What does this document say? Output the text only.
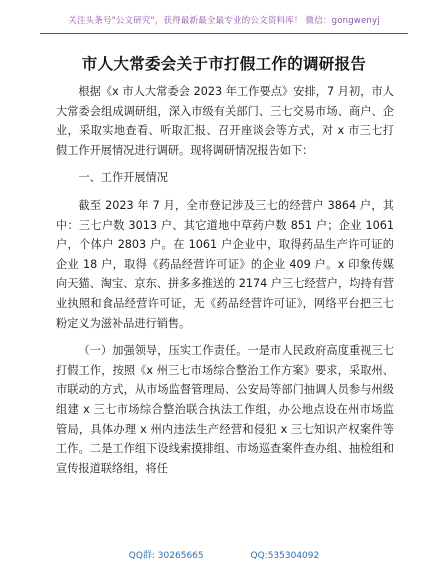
关注头条号"公文研究"，获得最新最全最专业的公文资料库！ 微信：gongwenyj
市人大常委会关于市打假工作的调研报告

根据《x 市人大常委会 2023 年工作要点》安排，7 月初，市人大常委会组成调研组，深入市级有关部门、三七交易市场、商户、企业，采取实地查看、听取汇报、召开座谈会等方式，对 x 市三七打假工作开展情况进行调研。现将调研情况报告如下：

一、工作开展情况

截至 2023 年 7 月，全市登记涉及三七的经营户 3864 户，其中：三七户数 3013 户、其它道地中草药户数 851 户；企业 1061 户，个体户 2803 户。在 1061 户企业中，取得药品生产许可证的企业 18 户，取得《药品经营许可证》的企业 409 户。x 印象传媒向天猫、淘宝、京东、拼多多推送的 2174 户三七经营户，均持有营业执照和食品经营许可证，无《药品经营许可证》，网络平台把三七粉定义为滋补品进行销售。

（一）加强领导，压实工作责任。一是市人民政府高度重视三七打假工作，按照《x 州三七市场综合整治工作方案》要求，采取州、市联动的方式，从市场监督管理局、公安局等部门抽调人员参与州级组建 x 三七市场综合整治联合执法工作组，办公地点设在州市场监管局，具体办理 x 州内违法生产经营和侵犯 x 三七知识产权案件等工作。二是工作组下设线索摸排组、市场巡查案件查办组、抽检组和宣传报道联络组，将任

QQ群: 30265665	QQ:535304092
